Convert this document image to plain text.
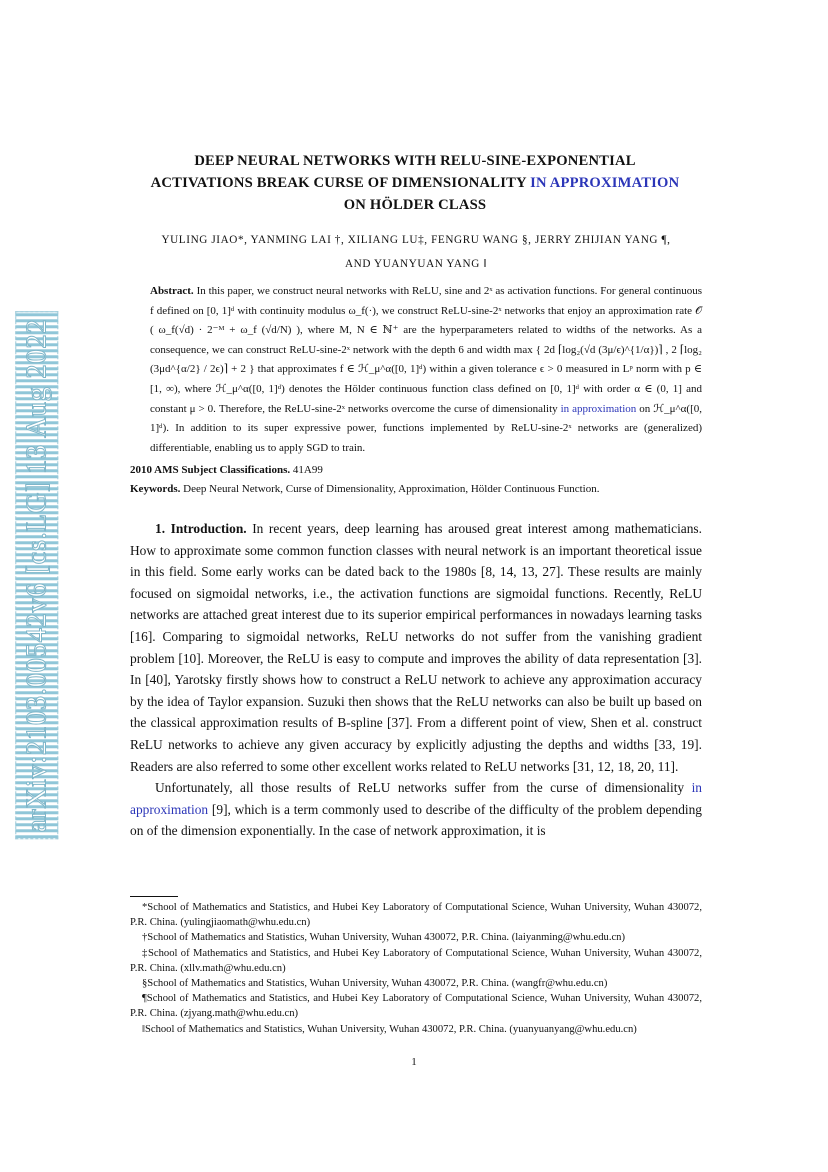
arXiv:2103.00542v6 [cs.LG] 13 Aug 2022
DEEP NEURAL NETWORKS WITH RELU-SINE-EXPONENTIAL ACTIVATIONS BREAK CURSE OF DIMENSIONALITY IN APPROXIMATION ON HÖLDER CLASS
YULING JIAO*, YANMING LAI †, XILIANG LU‡, FENGRU WANG §, JERRY ZHIJIAN YANG ¶,
AND YUANYUAN YANG ‖
Abstract. In this paper, we construct neural networks with ReLU, sine and 2ˣ as activation functions. For general continuous f defined on [0, 1]ᵈ with continuity modulus ω_f(·), we construct ReLU-sine-2ˣ networks that enjoy an approximation rate 𝒪 ( ω_f(√d) · 2⁻ᴹ + ω_f (√d/N) ), where M, N ∈ ℕ⁺ are the hyperparameters related to widths of the networks. As a consequence, we can construct ReLU-sine-2ˣ network with the depth 6 and width max { 2d ⌈log₂(√d (3μ/ϵ)^{1/α})⌉ , 2 ⌈log₂ (3μd^{α/2} / 2ϵ)⌉ + 2 } that approximates f ∈ ℋ_μ^α([0, 1]ᵈ) within a given tolerance ϵ > 0 measured in Lᵖ norm with p ∈ [1, ∞), where ℋ_μ^α([0, 1]ᵈ) denotes the Hölder continuous function class defined on [0, 1]ᵈ with order α ∈ (0, 1] and constant μ > 0. Therefore, the ReLU-sine-2ˣ networks overcome the curse of dimensionality in approximation on ℋ_μ^α([0, 1]ᵈ). In addition to its super expressive power, functions implemented by ReLU-sine-2ˣ networks are (generalized) differentiable, enabling us to apply SGD to train.
2010 AMS Subject Classifications. 41A99
Keywords. Deep Neural Network, Curse of Dimensionality, Approximation, Hölder Continuous Function.

1. Introduction. In recent years, deep learning has aroused great interest among mathematicians. How to approximate some common function classes with neural network is an important theoretical issue in this field. Some early works can be dated back to the 1980s [8, 14, 13, 27]. These results are mainly focused on sigmoidal networks, i.e., the activation functions are sigmoidal functions. Recently, ReLU networks are attached great interest due to its superior empirical performances in nowadays learning tasks [16]. Comparing to sigmoidal networks, ReLU networks do not suffer from the vanishing gradient problem [10]. Moreover, the ReLU is easy to compute and improves the ability of data representation [3]. In [40], Yarotsky firstly shows how to construct a ReLU network to achieve any approximation accuracy by the idea of Taylor expansion. Suzuki then shows that the ReLU networks can also be built up based on the classical approximation results of B-spline [37]. From a different point of view, Shen et al. construct ReLU networks to achieve any given accuracy by explicitly adjusting the depths and widths [33, 19]. Readers are also referred to some other excellent works related to ReLU networks [31, 12, 18, 20, 11].

Unfortunately, all those results of ReLU networks suffer from the curse of dimensionality in approximation [9], which is a term commonly used to describe of the difficulty of the problem depending on of the dimension exponentially. In the case of network approximation, it is

*School of Mathematics and Statistics, and Hubei Key Laboratory of Computational Science, Wuhan University, Wuhan 430072, P.R. China. (yulingjiaomath@whu.edu.cn)
†School of Mathematics and Statistics, Wuhan University, Wuhan 430072, P.R. China. (laiyanming@whu.edu.cn)
‡School of Mathematics and Statistics, and Hubei Key Laboratory of Computational Science, Wuhan University, Wuhan 430072, P.R. China. (xllv.math@whu.edu.cn)
§School of Mathematics and Statistics, Wuhan University, Wuhan 430072, P.R. China. (wangfr@whu.edu.cn)
¶School of Mathematics and Statistics, and Hubei Key Laboratory of Computational Science, Wuhan University, Wuhan 430072, P.R. China. (zjyang.math@whu.edu.cn)
‖School of Mathematics and Statistics, Wuhan University, Wuhan 430072, P.R. China. (yuanyuanyang@whu.edu.cn)
1
